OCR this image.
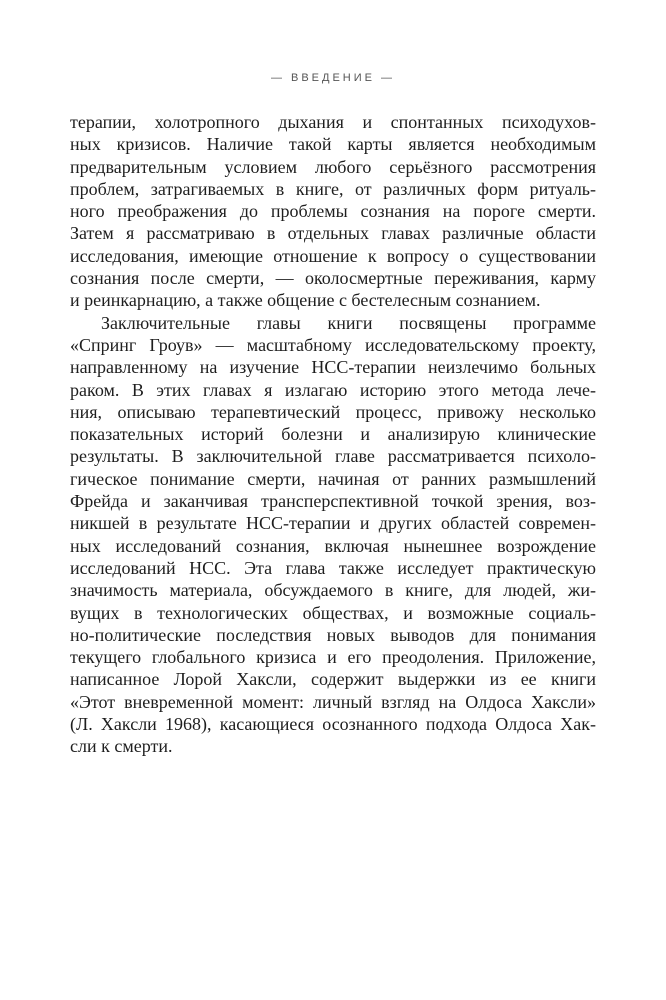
— ВВЕДЕНИЕ —
терапии, холотропного дыхания и спонтанных психодухов-
ных кризисов. Наличие такой карты является необходимым
предварительным условием любого серьёзного рассмотрения
проблем, затрагиваемых в книге, от различных форм ритуаль-
ного преображения до проблемы сознания на пороге смерти.
Затем я рассматриваю в отдельных главах различные области
исследования, имеющие отношение к вопросу о существовании
сознания после смерти, — околосмертные переживания, карму
и реинкарнацию, а также общение с бестелесным сознанием.
Заключительные главы книги посвящены программе
«Спринг Гроув» — масштабному исследовательскому проекту,
направленному на изучение НСС-терапии неизлечимо больных
раком. В этих главах я излагаю историю этого метода лече-
ния, описываю терапевтический процесс, привожу несколько
показательных историй болезни и анализирую клинические
результаты. В заключительной главе рассматривается психоло-
гическое понимание смерти, начиная от ранних размышлений
Фрейда и заканчивая трансперспективной точкой зрения, воз-
никшей в результате НСС-терапии и других областей современ-
ных исследований сознания, включая нынешнее возрождение
исследований НСС. Эта глава также исследует практическую
значимость материала, обсуждаемого в книге, для людей, жи-
вущих в технологических обществах, и возможные социаль-
но-политические последствия новых выводов для понимания
текущего глобального кризиса и его преодоления. Приложение,
написанное Лорой Хаксли, содержит выдержки из ее книги
«Этот вневременной момент: личный взгляд на Олдоса Хаксли»
(Л. Хаксли 1968), касающиеся осознанного подхода Олдоса Хак-
сли к смерти.
